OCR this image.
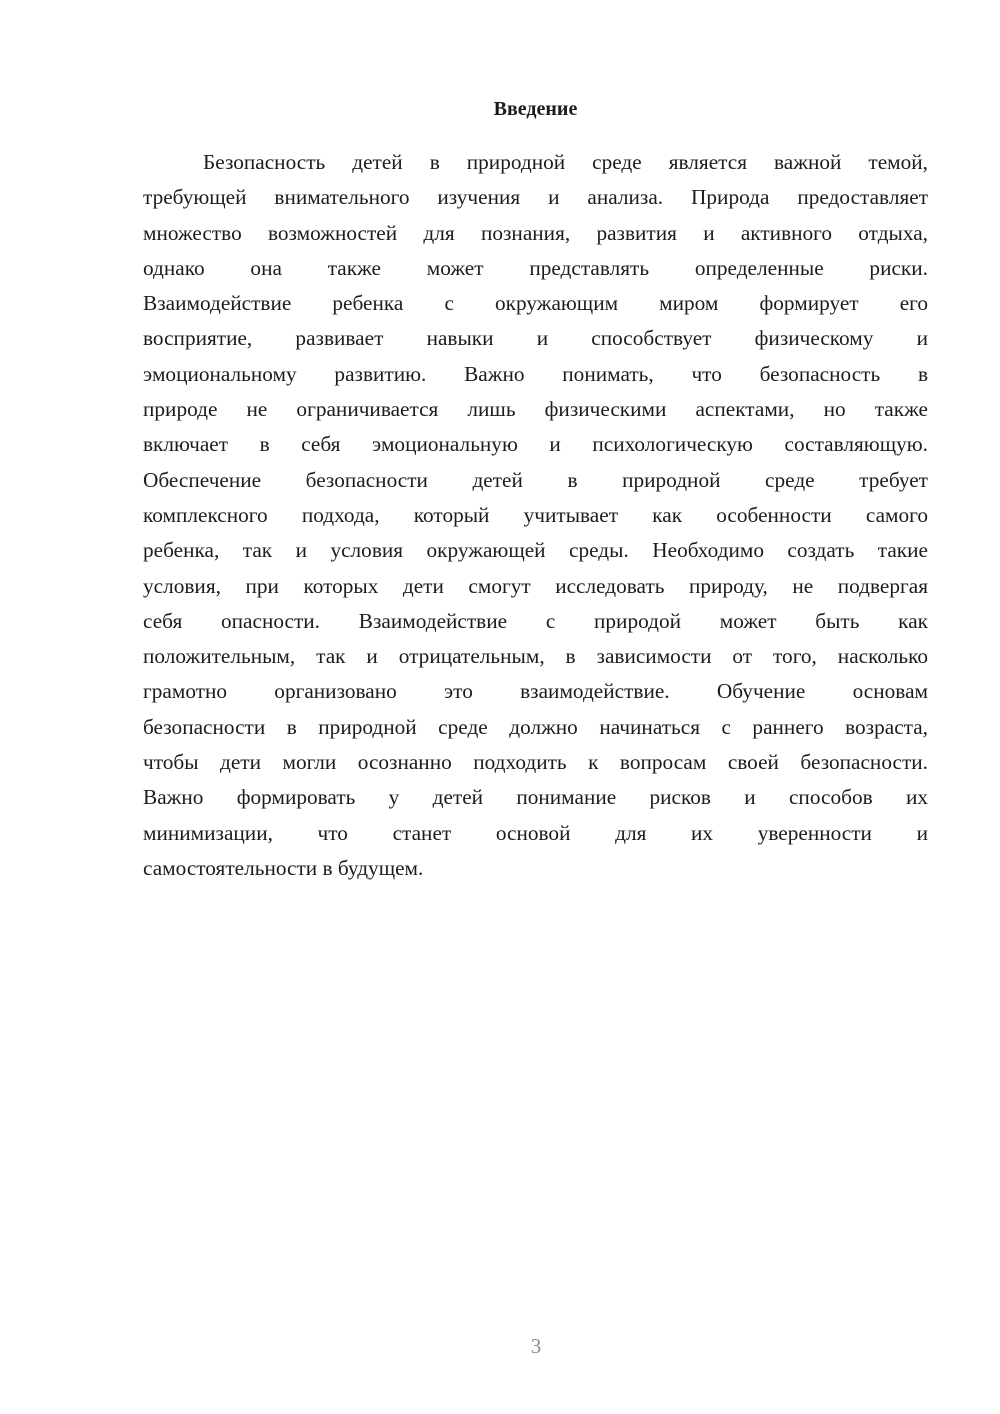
Введение
Безопасность детей в природной среде является важной темой,
требующей внимательного изучения и анализа. Природа предоставляет
множество возможностей для познания, развития и активного отдыха,
однако она также может представлять определенные риски.
Взаимодействие ребенка с окружающим миром формирует его
восприятие, развивает навыки и способствует физическому и
эмоциональному развитию. Важно понимать, что безопасность в
природе не ограничивается лишь физическими аспектами, но также
включает в себя эмоциональную и психологическую составляющую.
Обеспечение безопасности детей в природной среде требует
комплексного подхода, который учитывает как особенности самого
ребенка, так и условия окружающей среды. Необходимо создать такие
условия, при которых дети смогут исследовать природу, не подвергая
себя опасности. Взаимодействие с природой может быть как
положительным, так и отрицательным, в зависимости от того, насколько
грамотно организовано это взаимодействие. Обучение основам
безопасности в природной среде должно начинаться с раннего возраста,
чтобы дети могли осознанно подходить к вопросам своей безопасности.
Важно формировать у детей понимание рисков и способов их
минимизации, что станет основой для их уверенности и
самостоятельности в будущем.
3
